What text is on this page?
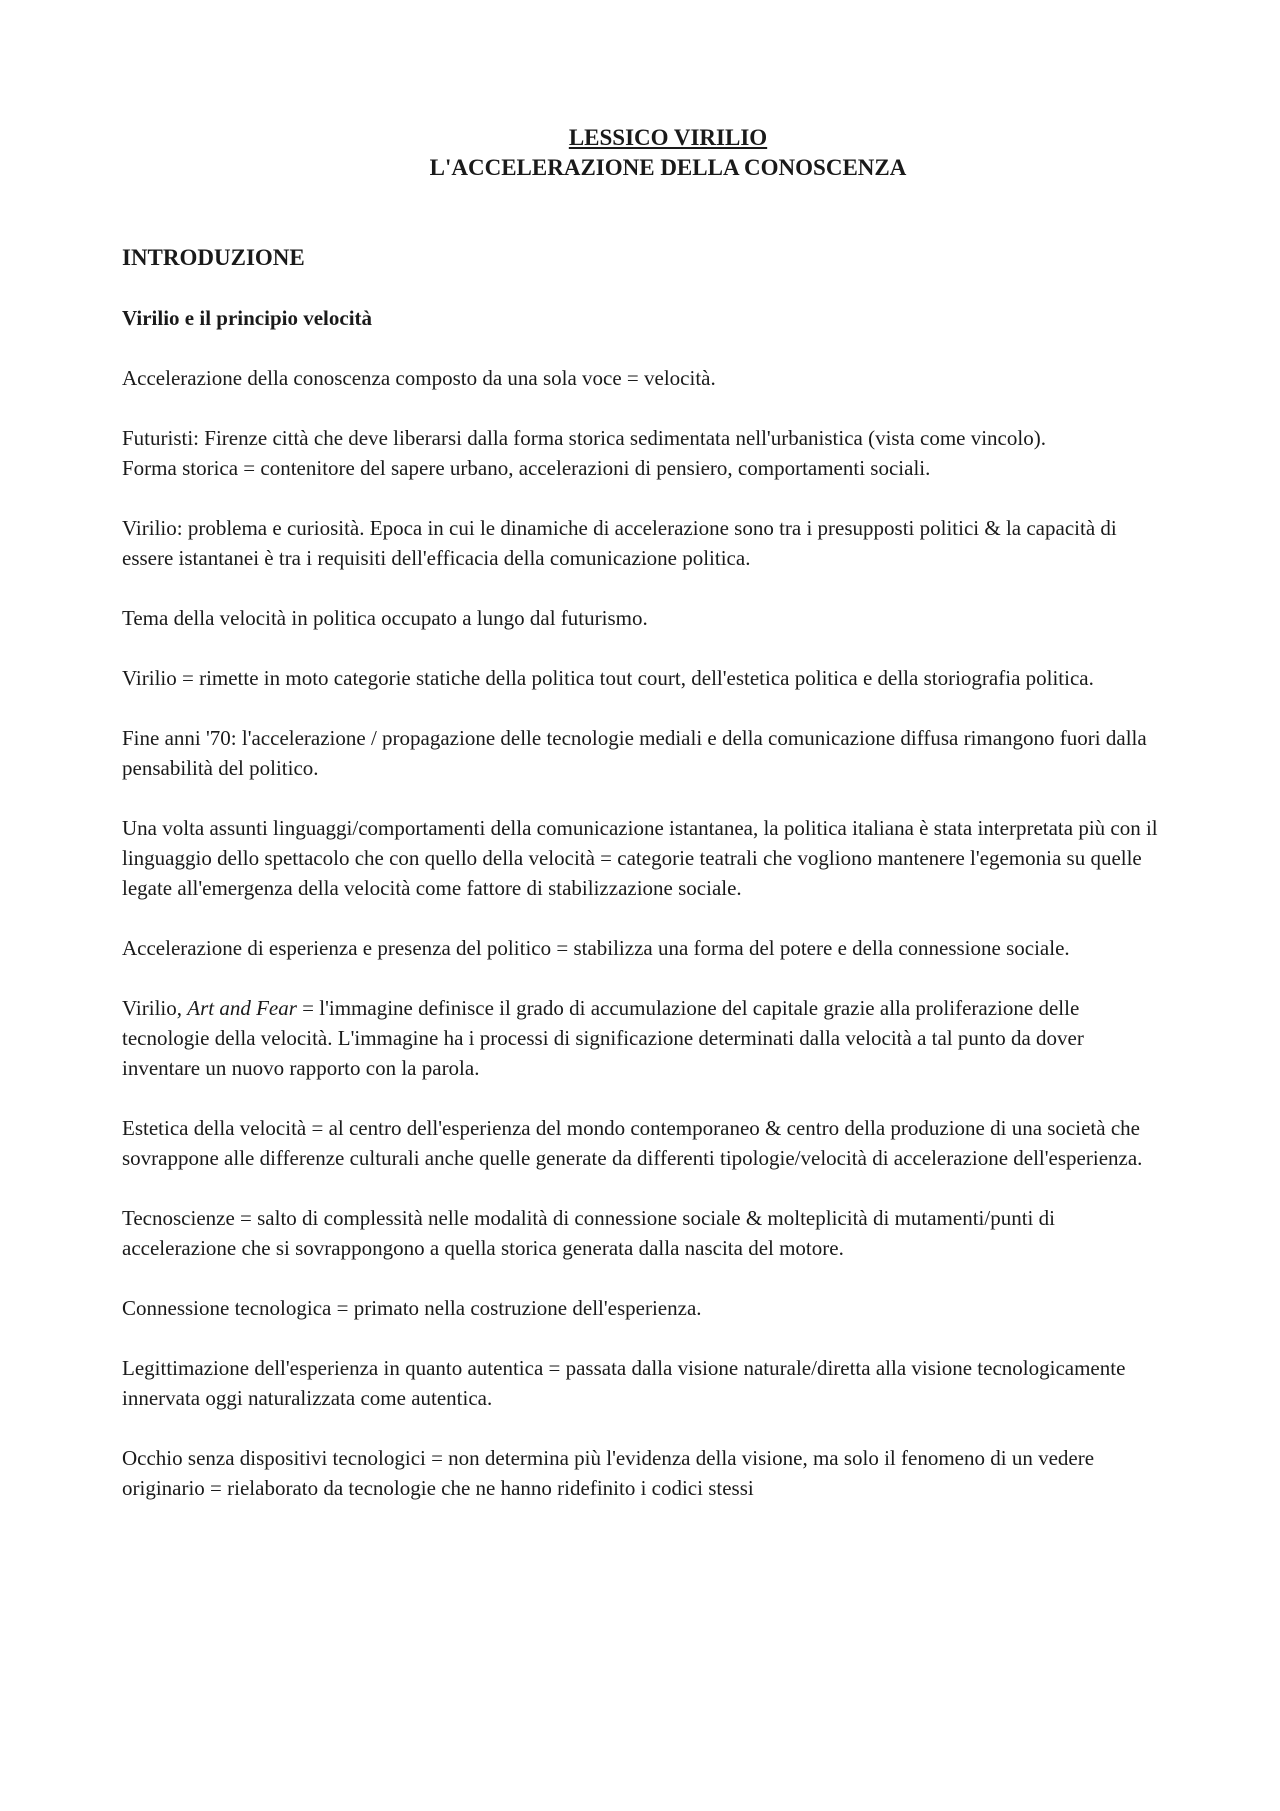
LESSICO VIRILIO
L'ACCELERAZIONE DELLA CONOSCENZA
INTRODUZIONE
Virilio e il principio velocità

Accelerazione della conoscenza composto da una sola voce = velocità.

Futuristi: Firenze città che deve liberarsi dalla forma storica sedimentata nell'urbanistica (vista come vincolo).

Forma storica = contenitore del sapere urbano, accelerazioni di pensiero, comportamenti sociali.

Virilio: problema e curiosità. Epoca in cui le dinamiche di accelerazione sono tra i presupposti politici & la capacità di essere istantanei è tra i requisiti dell'efficacia della comunicazione politica.

Tema della velocità in politica occupato a lungo dal futurismo.

Virilio = rimette in moto categorie statiche della politica tout court, dell'estetica politica e della storiografia politica.

Fine anni '70: l'accelerazione / propagazione delle tecnologie mediali e della comunicazione diffusa rimangono fuori dalla pensabilità del politico.

Una volta assunti linguaggi/comportamenti della comunicazione istantanea, la politica italiana è stata interpretata più con il linguaggio dello spettacolo che con quello della velocità = categorie teatrali che vogliono mantenere l'egemonia su quelle legate all'emergenza della velocità come fattore di stabilizzazione sociale.

Accelerazione di esperienza e presenza del politico = stabilizza una forma del potere e della connessione sociale.

Virilio, Art and Fear = l'immagine definisce il grado di accumulazione del capitale grazie alla proliferazione delle tecnologie della velocità. L'immagine ha i processi di significazione determinati dalla velocità a tal punto da dover inventare un nuovo rapporto con la parola.

Estetica della velocità = al centro dell'esperienza del mondo contemporaneo & centro della produzione di una società che sovrappone alle differenze culturali anche quelle generate da differenti tipologie/velocità di accelerazione dell'esperienza.

Tecnoscienze = salto di complessità nelle modalità di connessione sociale & molteplicità di mutamenti/punti di accelerazione che si sovrappongono a quella storica generata dalla nascita del motore.

Connessione tecnologica = primato nella costruzione dell'esperienza.

Legittimazione dell'esperienza in quanto autentica = passata dalla visione naturale/diretta alla visione tecnologicamente innervata oggi naturalizzata come autentica.

Occhio senza dispositivi tecnologici = non determina più l'evidenza della visione, ma solo il fenomeno di un vedere originario = rielaborato da tecnologie che ne hanno ridefinito i codici stessi
